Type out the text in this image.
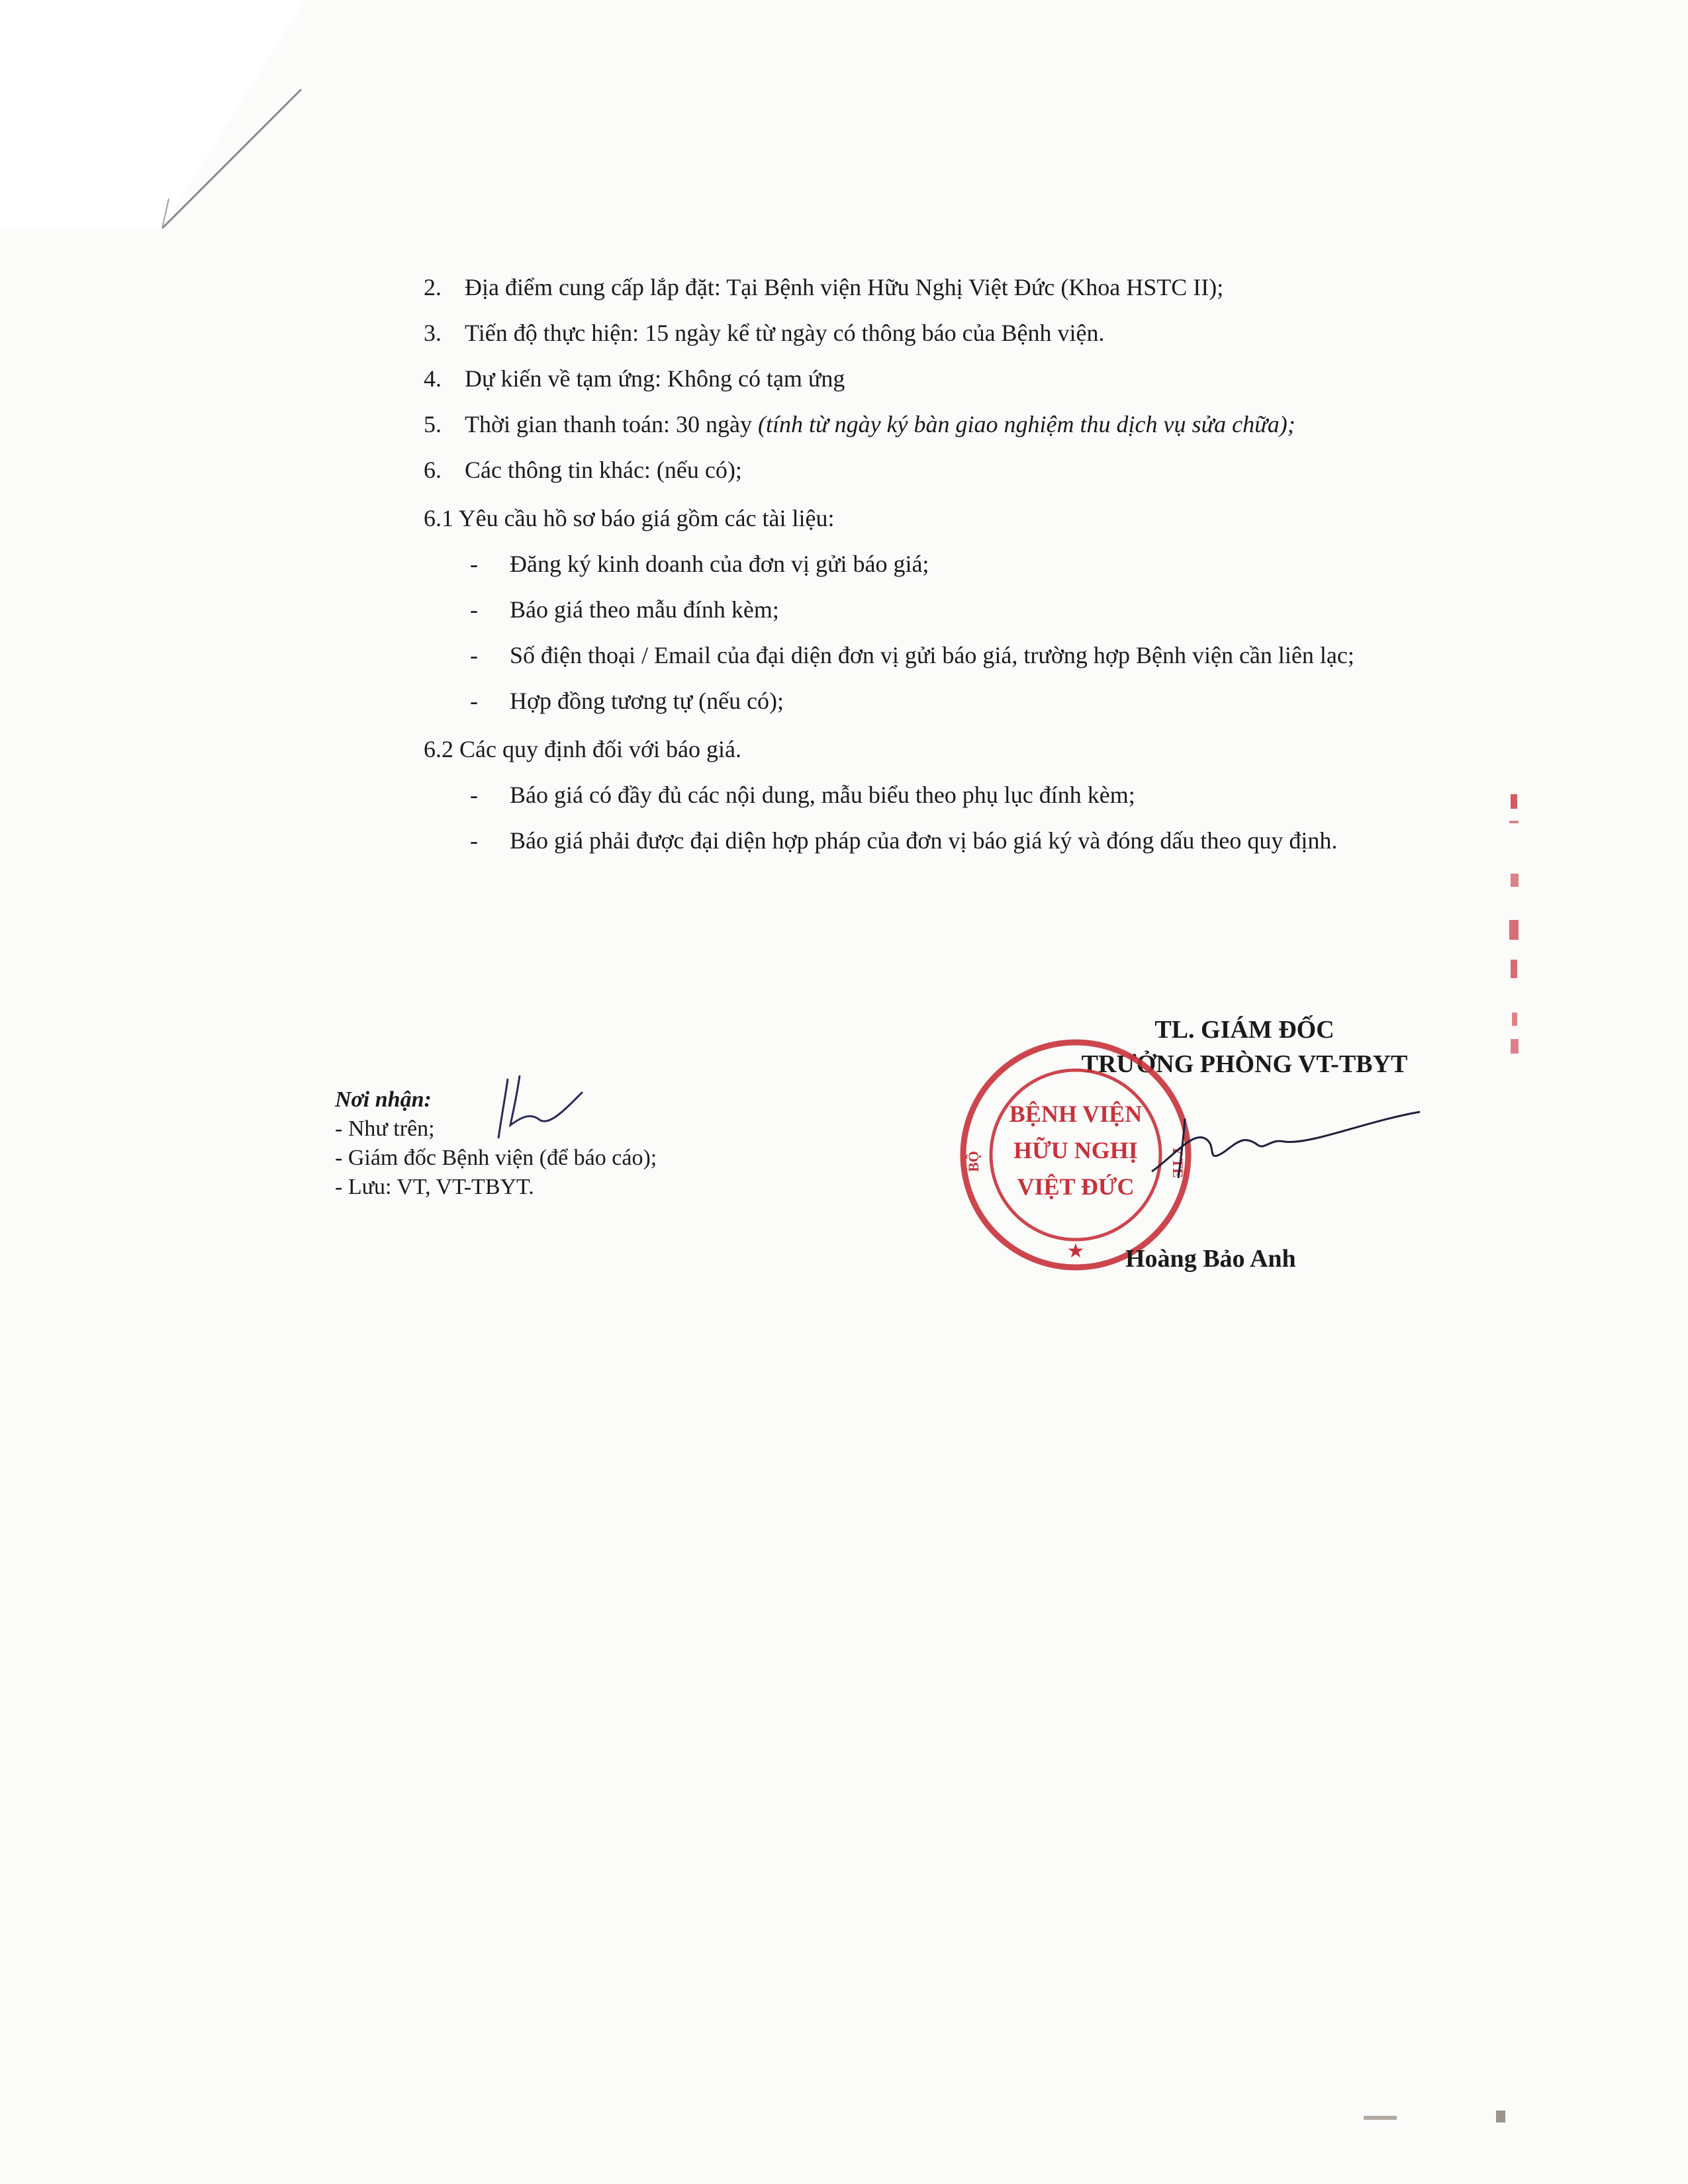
2. Địa điểm cung cấp lắp đặt: Tại Bệnh viện Hữu Nghị Việt Đức (Khoa HSTC II);
3. Tiến độ thực hiện: 15 ngày kể từ ngày có thông báo của Bệnh viện.
4. Dự kiến về tạm ứng: Không có tạm ứng
5. Thời gian thanh toán: 30 ngày (tính từ ngày ký bàn giao nghiệm thu dịch vụ sửa chữa);
6. Các thông tin khác: (nếu có);
6.1 Yêu cầu hồ sơ báo giá gồm các tài liệu:
-	Đăng ký kinh doanh của đơn vị gửi báo giá;
-	Báo giá theo mẫu đính kèm;
-	Số điện thoại / Email của đại diện đơn vị gửi báo giá, trường hợp Bệnh viện cần liên lạc;
-	Hợp đồng tương tự (nếu có);
6.2 Các quy định đối với báo giá.
-	Báo giá có đầy đủ các nội dung, mẫu biểu theo phụ lục đính kèm;
-	Báo giá phải được đại diện hợp pháp của đơn vị báo giá ký và đóng dấu theo quy định.
Nơi nhận:
- Như trên;
- Giám đốc Bệnh viện (để báo cáo);
- Lưu: VT, VT-TBYT.
TL. GIÁM ĐỐC
TRƯỞNG PHÒNG VT-TBYT
BỆNH VIỆN
HỮU NGHỊ
VIỆT ĐỨC
BỘ	Y TẾ
★ Hoàng Bảo Anh
